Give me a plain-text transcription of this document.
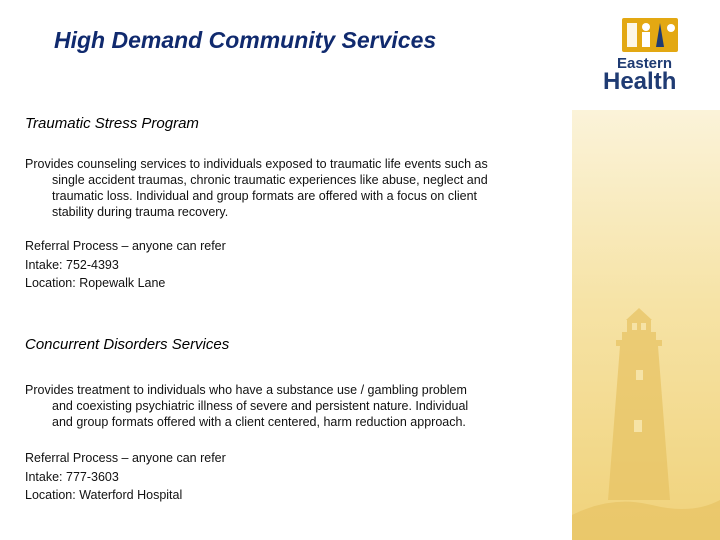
Eastern
Health
High Demand Community Services
Traumatic Stress Program
Provides counseling services to individuals exposed to traumatic life events such as
single accident traumas, chronic traumatic experiences like abuse, neglect and
traumatic loss. Individual and group formats are offered with a focus on client
stability during trauma recovery.
Referral Process – anyone can refer
Intake: 752-4393
Location: Ropewalk Lane
Concurrent Disorders Services
Provides treatment to individuals who have a substance use / gambling problem
and coexisting psychiatric illness of severe and persistent nature. Individual
and group formats offered with a client centered, harm reduction approach.
Referral Process – anyone can refer
Intake: 777-3603
Location: Waterford Hospital
